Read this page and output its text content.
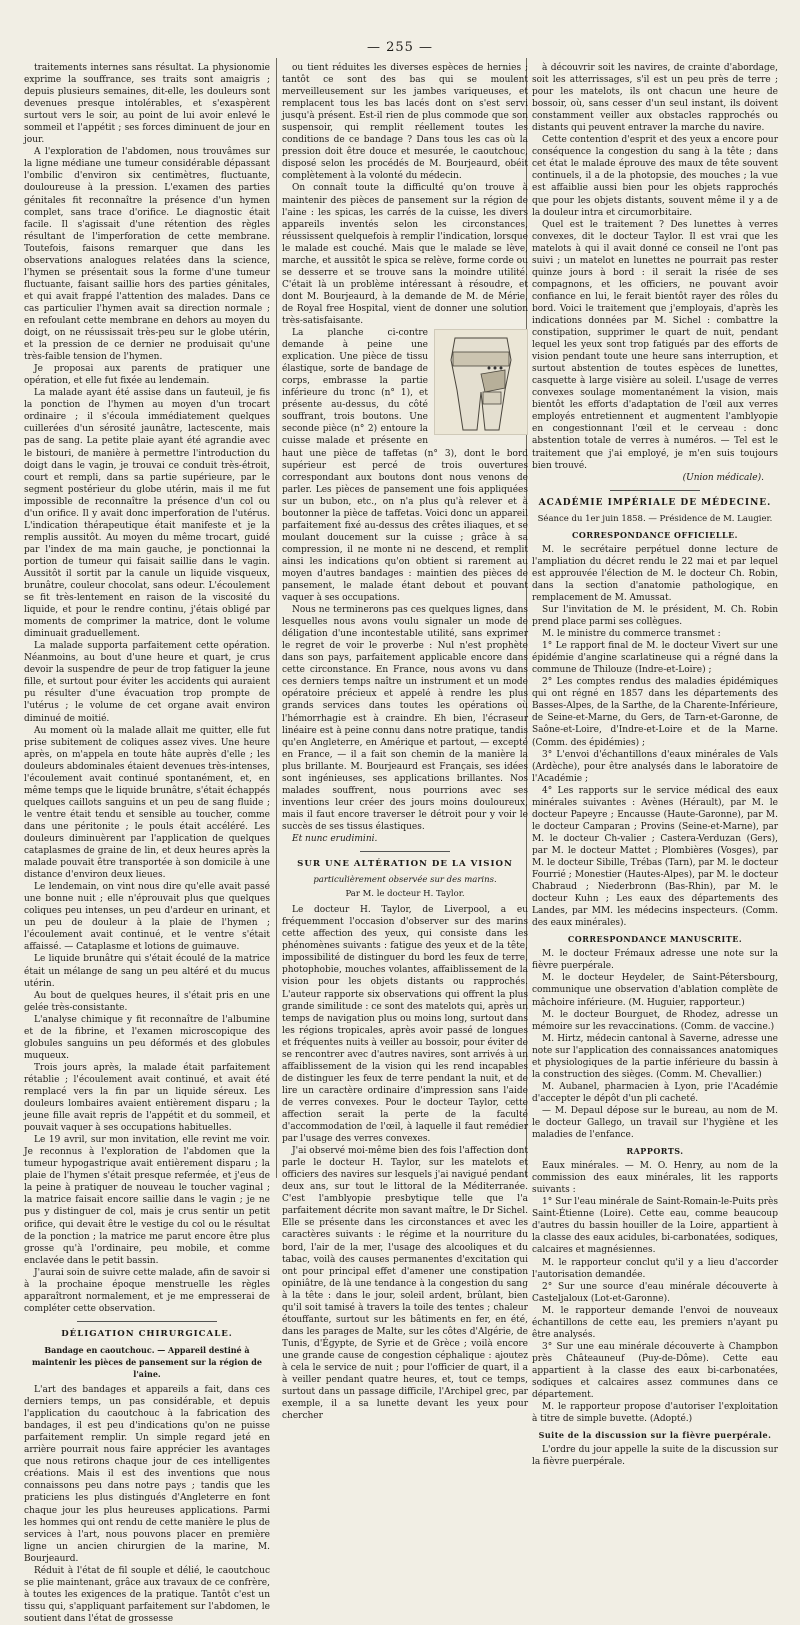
— 255 —

traitements internes sans résultat. La physionomie exprime la souffrance, ses traits sont amaigris ; depuis plusieurs semaines, dit-elle, les douleurs sont devenues presque intolérables, et s'exaspèrent surtout vers le soir, au point de lui avoir enlevé le sommeil et l'appétit ; ses forces diminuent de jour en jour.

A l'exploration de l'abdomen, nous trouvâmes sur la ligne médiane une tumeur considérable dépassant l'ombilic d'environ six centimètres, fluctuante, douloureuse à la pression. L'examen des parties génitales fit reconnaître la présence d'un hymen complet, sans trace d'orifice. Le diagnostic était facile. Il s'agissait d'une rétention des règles résultant de l'imperforation de cette membrane. Toutefois, faisons remarquer que dans les observations analogues relatées dans la science, l'hymen se présentait sous la forme d'une tumeur fluctuante, faisant saillie hors des parties génitales, et qui avait frappé l'attention des malades. Dans ce cas particulier l'hymen avait sa direction normale ; en refoulant cette membrane en dehors au moyen du doigt, on ne réussissait très-peu sur le globe utérin, et la pression de ce dernier ne produisait qu'une très-faible tension de l'hymen.

Je proposai aux parents de pratiquer une opération, et elle fut fixée au lendemain.

La malade ayant été assise dans un fauteuil, je fis la ponction de l'hymen au moyen d'un trocart ordinaire ; il s'écoula immédiatement quelques cuillerées d'un sérosité jaunâtre, lactescente, mais pas de sang. La petite plaie ayant été agrandie avec le bistouri, de manière à permettre l'introduction du doigt dans le vagin, je trouvai ce conduit très-étroit, court et rempli, dans sa partie supérieure, par le segment postérieur du globe utérin, mais il me fut impossible de reconnaître la présence d'un col ou d'un orifice. Il y avait donc imperforation de l'utérus. L'indication thérapeutique était manifeste et je la remplis aussitôt. Au moyen du même trocart, guidé par l'index de ma main gauche, je ponctionnai la portion de tumeur qui faisait saillie dans le vagin. Aussitôt il sortit par la canule un liquide visqueux, brunâtre, couleur chocolat, sans odeur. L'écoulement se fit très-lentement en raison de la viscosité du liquide, et pour le rendre continu, j'étais obligé par moments de comprimer la matrice, dont le volume diminuait graduellement.

La malade supporta parfaitement cette opération. Néanmoins, au bout d'une heure et quart, je crus devoir la suspendre de peur de trop fatiguer la jeune fille, et surtout pour éviter les accidents qui auraient pu résulter d'une évacuation trop prompte de l'utérus ; le volume de cet organe avait environ diminué de moitié.

Au moment où la malade allait me quitter, elle fut prise subitement de coliques assez vives. Une heure après, on m'appela en toute hâte auprès d'elle ; les douleurs abdominales étaient devenues très-intenses, l'écoulement avait continué spontanément, et, en même temps que le liquide brunâtre, s'était échappés quelques caillots sanguins et un peu de sang fluide ; le ventre était tendu et sensible au toucher, comme dans une péritonite ; le pouls était accéléré. Les douleurs diminuèrent par l'application de quelques cataplasmes de graine de lin, et deux heures après la malade pouvait être transportée à son domicile à une distance d'environ deux lieues.

Le lendemain, on vint nous dire qu'elle avait passé une bonne nuit ; elle n'éprouvait plus que quelques coliques peu intenses, un peu d'ardeur en urinant, et un peu de douleur à la plaie de l'hymen ; l'écoulement avait continué, et le ventre s'était affaissé. — Cataplasme et lotions de guimauve.

Le liquide brunâtre qui s'était écoulé de la matrice était un mélange de sang un peu altéré et du mucus utérin.

Au bout de quelques heures, il s'était pris en une gelée très-consistante.

L'analyse chimique y fit reconnaître de l'albumine et de la fibrine, et l'examen microscopique des globules sanguins un peu déformés et des globules muqueux.

Trois jours après, la malade était parfaitement rétablie ; l'écoulement avait continué, et avait été remplacé vers la fin par un liquide séreux. Les douleurs lombaires avaient entièrement disparu ; la jeune fille avait repris de l'appétit et du sommeil, et pouvait vaquer à ses occupations habituelles.

Le 19 avril, sur mon invitation, elle revint me voir. Je reconnus à l'exploration de l'abdomen que la tumeur hypogastrique avait entièrement disparu ; la plaie de l'hymen s'était presque refermée, et j'eus de la peine à pratiquer de nouveau le toucher vaginal ; la matrice faisait encore saillie dans le vagin ; je ne pus y distinguer de col, mais je crus sentir un petit orifice, qui devait être le vestige du col ou le résultat de la ponction ; la matrice me parut encore être plus grosse qu'à l'ordinaire, peu mobile, et comme enclavée dans le petit bassin.

J'aurai soin de suivre cette malade, afin de savoir si à la prochaine époque menstruelle les règles apparaîtront normalement, et je me empresserai de compléter cette observation.

DÉLIGATION CHIRURGICALE.
Bandage en caoutchouc. — Appareil destiné à maintenir les pièces de pansement sur la région de l'aine.

L'art des bandages et appareils a fait, dans ces derniers temps, un pas considérable, et depuis l'application du caoutchouc à la fabrication des bandages, il est peu d'indications qu'on ne puisse parfaitement remplir. Un simple regard jeté en arrière pourrait nous faire apprécier les avantages que nous retirons chaque jour de ces intelligentes créations. Mais il est des inventions que nous connaissons peu dans notre pays ; tandis que les praticiens les plus distingués d'Angleterre en font chaque jour les plus heureuses applications. Parmi les hommes qui ont rendu de cette manière le plus de services à l'art, nous pouvons placer en première ligne un ancien chirurgien de la marine, M. Bourjeaurd.

Réduit à l'état de fil souple et délié, le caoutchouc se plie maintenant, grâce aux travaux de ce confrère, à toutes les exigences de la pratique. Tantôt c'est un tissu qui, s'appliquant parfaitement sur l'abdomen, le soutient dans l'état de grossesse

ou tient réduites les diverses espèces de hernies ; tantôt ce sont des bas qui se moulent merveilleusement sur les jambes variqueuses, et remplacent tous les bas lacés dont on s'est servi jusqu'à présent. Est-il rien de plus commode que son suspensoir, qui remplit réellement toutes les conditions de ce bandage ? Dans tous les cas où la pression doit être douce et mesurée, le caoutchouc, disposé selon les procédés de M. Bourjeaurd, obéit complètement à la volonté du médecin.

On connaît toute la difficulté qu'on trouve à maintenir des pièces de pansement sur la région de l'aine : les spicas, les carrés de la cuisse, les divers appareils inventés selon les circonstances, réussissent quelquefois à remplir l'indication, lorsque le malade est couché. Mais que le malade se lève, marche, et aussitôt le spica se relève, forme corde ou se desserre et se trouve sans la moindre utilité. C'était là un problème intéressant à résoudre, et dont M. Bourjeaurd, à la demande de M. de Mérie, de Royal free Hospital, vient de donner une solution très-satisfaisante.

La planche ci-contre demande à peine une explication. Une pièce de tissu élastique, sorte de bandage de corps, embrasse la partie inférieure du tronc (n° 1), et présente au-dessus, du côté souffrant, trois boutons. Une seconde pièce (n° 2) entoure la cuisse malade et présente en haut une pièce de taffetas (n° 3), dont le bord supérieur est percé de trois ouvertures correspondant aux boutons dont nous venons de parler. Les pièces de pansement une fois appliquées sur un bubon, etc., on n'a plus qu'à relever et à boutonner la pièce de taffetas. Voici donc un appareil parfaitement fixé au-dessus des crêtes iliaques, et se moulant doucement sur la cuisse ; grâce à sa compression, il ne monte ni ne descend, et remplit ainsi les indications qu'on obtient si rarement au moyen d'autres bandages : maintien des pièces de pansement, le malade étant debout et pouvant vaquer à ses occupations.

Nous ne terminerons pas ces quelques lignes, dans lesquelles nous avons voulu signaler un mode de déligation d'une incontestable utilité, sans exprimer le regret de voir le proverbe : Nul n'est prophète dans son pays, parfaitement applicable encore dans cette circonstance. En France, nous avons vu dans ces derniers temps naître un instrument et un mode opératoire précieux et appelé à rendre les plus grands services dans toutes les opérations où l'hémorrhagie est à craindre. Eh bien, l'écraseur linéaire est à peine connu dans notre pratique, tandis qu'en Angleterre, en Amérique et partout, — excepté en France, — il a fait son chemin de la manière la plus brillante. M. Bourjeaurd est Français, ses idées sont ingénieuses, ses applications brillantes. Nos malades souffrent, nous pourrions avec ses inventions leur créer des jours moins douloureux, mais il faut encore traverser le détroit pour y voir le succès de ses tissus élastiques.

Et nunc erudimini.

SUR UNE ALTÉRATION DE LA VISION
particulièrement observée sur des marins.
Par M. le docteur H. Taylor.

Le docteur H. Taylor, de Liverpool, a eu fréquemment l'occasion d'observer sur des marins cette affection des yeux, qui consiste dans les phénomènes suivants : fatigue des yeux et de la tête, impossibilité de distinguer du bord les feux de terre, photophobie, mouches volantes, affaiblissement de la vision pour les objets distants ou rapprochés. L'auteur rapporte six observations qui offrent la plus grande similitude : ce sont des matelots qui, après un temps de navigation plus ou moins long, surtout dans les régions tropicales, après avoir passé de longues et fréquentes nuits à veiller au bossoir, pour éviter de se rencontrer avec d'autres navires, sont arrivés à un affaiblissement de la vision qui les rend incapables de distinguer les feux de terre pendant la nuit, et de lire un caractère ordinaire d'impression sans l'aide de verres convexes. Pour le docteur Taylor, cette affection serait la perte de la faculté d'accommodation de l'œil, à laquelle il faut remédier par l'usage des verres convexes.

J'ai observé moi-même bien des fois l'affection dont parle le docteur H. Taylor, sur les matelots et officiers des navires sur lesquels j'ai navigué pendant deux ans, sur tout le littoral de la Méditerranée. C'est l'amblyopie presbytique telle que l'a parfaitement décrite mon savant maître, le Dr Sichel. Elle se présente dans les circonstances et avec les caractères suivants : le régime et la nourriture du bord, l'air de la mer, l'usage des alcooliques et du tabac, voilà des causes permanentes d'excitation qui ont pour principal effet d'amener une constipation opiniâtre, de là une tendance à la congestion du sang à la tête : dans le jour, soleil ardent, brûlant, bien qu'il soit tamisé à travers la toile des tentes ; chaleur étouffante, surtout sur les bâtiments en fer, en été, dans les parages de Malte, sur les côtes d'Algérie, de Tunis, d'Égypte, de Syrie et de Grèce ; voilà encore une grande cause de congestion céphalique : ajoutez à cela le service de nuit ; pour l'officier de quart, il a à veiller pendant quatre heures, et, tout ce temps, surtout dans un passage difficile, l'Archipel grec, par exemple, il a sa lunette devant les yeux pour chercher

à découvrir soit les navires, de crainte d'abordage, soit les atterrissages, s'il est un peu près de terre ; pour les matelots, ils ont chacun une heure de bossoir, où, sans cesser d'un seul instant, ils doivent constamment veiller aux obstacles rapprochés ou distants qui peuvent entraver la marche du navire.

Cette contention d'esprit et des yeux a encore pour conséquence la congestion du sang à la tête ; dans cet état le malade éprouve des maux de tête souvent continuels, il a de la photopsie, des mouches ; la vue est affaiblie aussi bien pour les objets rapprochés que pour les objets distants, souvent même il y a de la douleur intra et circumorbitaire.

Quel est le traitement ? Des lunettes à verres convexes, dit le docteur Taylor. Il est vrai que les matelots à qui il avait donné ce conseil ne l'ont pas suivi ; un matelot en lunettes ne pourrait pas rester quinze jours à bord : il serait la risée de ses compagnons, et les officiers, ne pouvant avoir confiance en lui, le ferait bientôt rayer des rôles du bord. Voici le traitement que j'employais, d'après les indications données par M. Sichel : combattre la constipation, supprimer le quart de nuit, pendant lequel les yeux sont trop fatigués par des efforts de vision pendant toute une heure sans interruption, et surtout abstention de toutes espèces de lunettes, casquette à large visière au soleil. L'usage de verres convexes soulage momentanément la vision, mais bientôt les efforts d'adaptation de l'œil aux verres employés entretiennent et augmentent l'amblyopie en congestionnant l'œil et le cerveau : donc abstention totale de verres à numéros. — Tel est le traitement que j'ai employé, je m'en suis toujours bien trouvé.

(Union médicale).

ACADÉMIE IMPÉRIALE DE MÉDECINE.
Séance du 1er juin 1858. — Présidence de M. Laugier.
CORRESPONDANCE OFFICIELLE.

M. le secrétaire perpétuel donne lecture de l'ampliation du décret rendu le 22 mai et par lequel est approuvée l'élection de M. le docteur Ch. Robin, dans la section d'anatomie pathologique, en remplacement de M. Amussat.

Sur l'invitation de M. le président, M. Ch. Robin prend place parmi ses collègues.

M. le ministre du commerce transmet :

1° Le rapport final de M. le docteur Vivert sur une épidémie d'angine scarlatineuse qui a régné dans la commune de Thilouze (Indre-et-Loire) ;

2° Les comptes rendus des maladies épidémiques qui ont régné en 1857 dans les départements des Basses-Alpes, de la Sarthe, de la Charente-Inférieure, de Seine-et-Marne, du Gers, de Tarn-et-Garonne, de Saône-et-Loire, d'Indre-et-Loire et de la Marne. (Comm. des épidémies) ;

3° L'envoi d'échantillons d'eaux minérales de Vals (Ardèche), pour être analysés dans le laboratoire de l'Académie ;

4° Les rapports sur le service médical des eaux minérales suivantes : Avènes (Hérault), par M. le docteur Papeyre ; Encausse (Haute-Garonne), par M. le docteur Camparan ; Provins (Seine-et-Marne), par M. le docteur Ch-valier ; Castera-Verduzan (Gers), par M. le docteur Mattet ; Plombières (Vosges), par M. le docteur Sibille, Trébas (Tarn), par M. le docteur Fourrié ; Monestier (Hautes-Alpes), par M. le docteur Chabraud ; Niederbronn (Bas-Rhin), par M. le docteur Kuhn ; Les eaux des départements des Landes, par MM. les médecins inspecteurs. (Comm. des eaux minérales).

CORRESPONDANCE MANUSCRITE.

M. le docteur Frémaux adresse une note sur la fièvre puerpérale.

M. le docteur Heydeler, de Saint-Pétersbourg, communique une observation d'ablation complète de mâchoire inférieure. (M. Huguier, rapporteur.)

M. le docteur Bourguet, de Rhodez, adresse un mémoire sur les revaccinations. (Comm. de vaccine.)

M. Hirtz, médecin cantonal à Saverne, adresse une note sur l'application des connaissances anatomiques et physiologiques de la partie inférieure du bassin à la construction des sièges. (Comm. M. Chevallier.)

M. Aubanel, pharmacien à Lyon, prie l'Académie d'accepter le dépôt d'un pli cacheté.

— M. Depaul dépose sur le bureau, au nom de M. le docteur Gallego, un travail sur l'hygiène et les maladies de l'enfance.

RAPPORTS.

Eaux minérales. — M. O. Henry, au nom de la commission des eaux minérales, lit les rapports suivants :

1° Sur l'eau minérale de Saint-Romain-le-Puits près Saint-Étienne (Loire). Cette eau, comme beaucoup d'autres du bassin houiller de la Loire, appartient à la classe des eaux acidules, bi-carbonatées, sodiques, calcaires et magnésiennes.

M. le rapporteur conclut qu'il y a lieu d'accorder l'autorisation demandée.

2° Sur une source d'eau minérale découverte à Casteljaloux (Lot-et-Garonne).

M. le rapporteur demande l'envoi de nouveaux échantillons de cette eau, les premiers n'ayant pu être analysés.

3° Sur une eau minérale découverte à Champbon près Châteauneuf (Puy-de-Dôme). Cette eau appartient à la classe des eaux bi-carbonatées, sodiques et calcaires assez communes dans ce département.

M. le rapporteur propose d'autoriser l'exploitation à titre de simple buvette. (Adopté.)

Suite de la discussion sur la fièvre puerpérale.

L'ordre du jour appelle la suite de la discussion sur la fièvre puerpérale.
